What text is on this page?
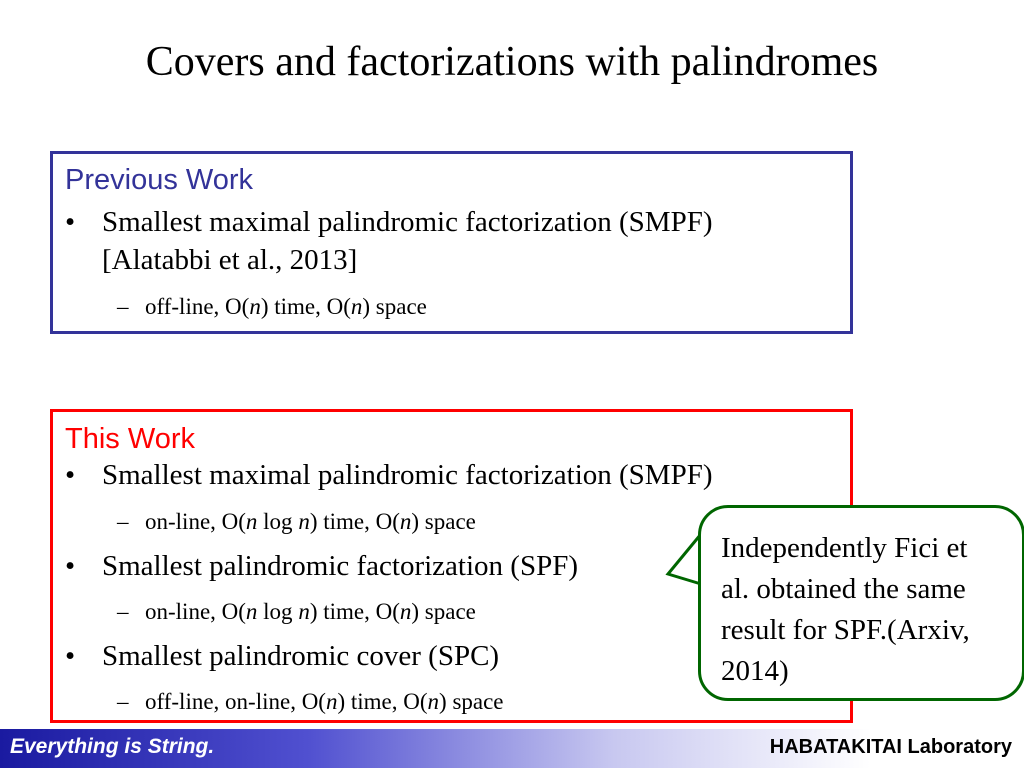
Covers and factorizations with palindromes
Previous Work
• Smallest maximal palindromic factorization (SMPF)
[Alatabbi et al., 2013]
– off-line, O(n) time, O(n) space
This Work
• Smallest maximal palindromic factorization (SMPF)
– on-line, O(n log n) time, O(n) space
• Smallest palindromic factorization (SPF)
– on-line, O(n log n) time, O(n) space
• Smallest palindromic cover (SPC)
– off-line, on-line, O(n) time, O(n) space
Independently Fici et al. obtained the same result for SPF.(Arxiv, 2014)
Everything is String.	HABATAKITAI Laboratory
